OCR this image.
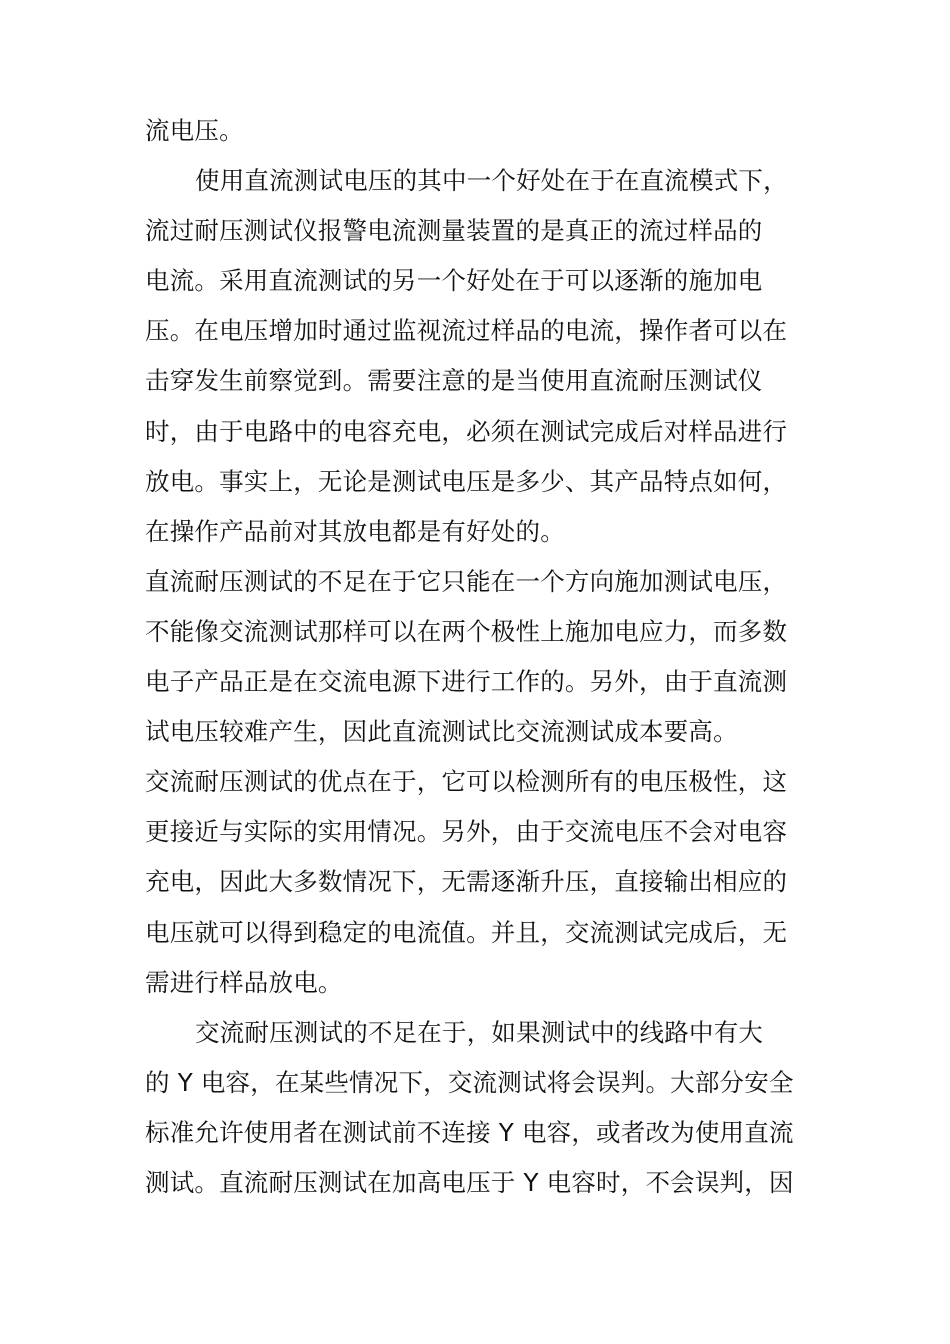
流电压。
使用直流测试电压的其中一个好处在于在直流模式下，
流过耐压测试仪报警电流测量装置的是真正的流过样品的
电流。采用直流测试的另一个好处在于可以逐渐的施加电
压。在电压增加时通过监视流过样品的电流，操作者可以在
击穿发生前察觉到。需要注意的是当使用直流耐压测试仪
时，由于电路中的电容充电，必须在测试完成后对样品进行
放电。事实上，无论是测试电压是多少、其产品特点如何，
在操作产品前对其放电都是有好处的。
直流耐压测试的不足在于它只能在一个方向施加测试电压，
不能像交流测试那样可以在两个极性上施加电应力，而多数
电子产品正是在交流电源下进行工作的。另外，由于直流测
试电压较难产生，因此直流测试比交流测试成本要高。
交流耐压测试的优点在于，它可以检测所有的电压极性，这
更接近与实际的实用情况。另外，由于交流电压不会对电容
充电，因此大多数情况下，无需逐渐升压，直接输出相应的
电压就可以得到稳定的电流值。并且，交流测试完成后，无
需进行样品放电。
交流耐压测试的不足在于，如果测试中的线路中有大
的 Y 电容，在某些情况下，交流测试将会误判。大部分安全
标准允许使用者在测试前不连接 Y 电容，或者改为使用直流
测试。直流耐压测试在加高电压于 Y 电容时，不会误判，因
